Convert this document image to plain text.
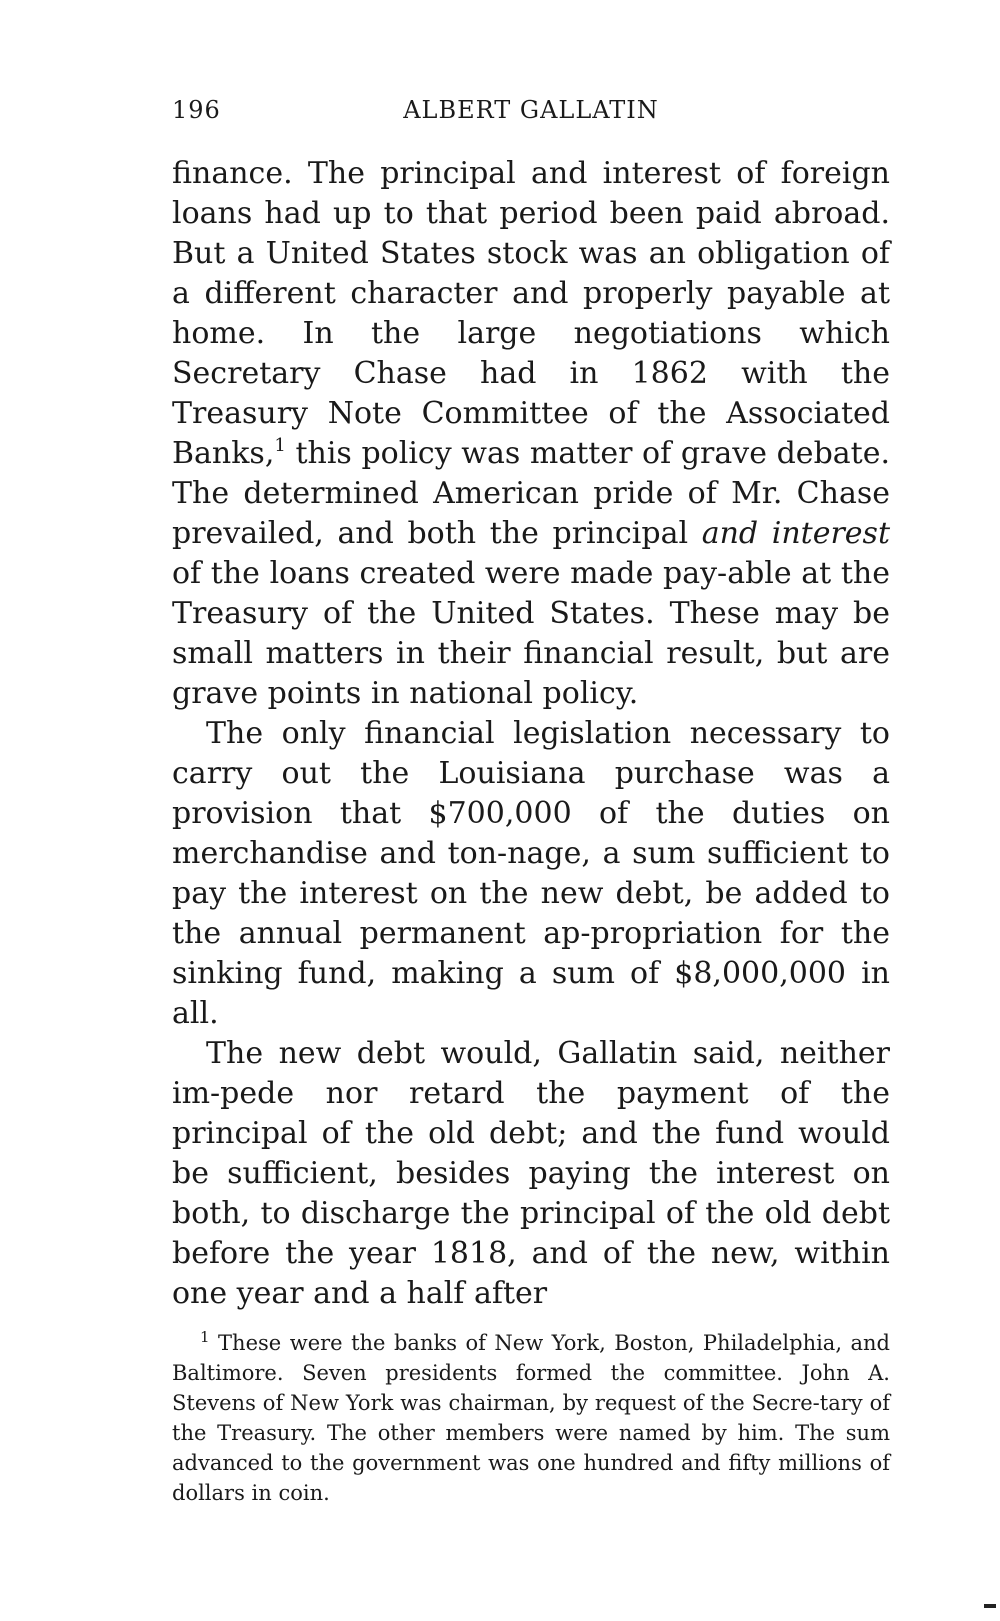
196	ALBERT GALLATIN

finance. The principal and interest of foreign loans had up to that period been paid abroad. But a United States stock was an obligation of a different character and properly payable at home. In the large negotiations which Secretary Chase had in 1862 with the Treasury Note Committee of the Associated Banks,$^1$ this policy was matter of grave debate. The determined American pride of Mr. Chase prevailed, and both the principal and interest of the loans created were made pay-able at the Treasury of the United States. These may be small matters in their financial result, but are grave points in national policy.

The only financial legislation necessary to carry out the Louisiana purchase was a provision that $700,000 of the duties on merchandise and ton-nage, a sum sufficient to pay the interest on the new debt, be added to the annual permanent ap-propriation for the sinking fund, making a sum of $8,000,000 in all.

The new debt would, Gallatin said, neither im-pede nor retard the payment of the principal of the old debt; and the fund would be sufficient, besides paying the interest on both, to discharge the principal of the old debt before the year 1818, and of the new, within one year and a half after

$^1$ These were the banks of New York, Boston, Philadelphia, and Baltimore. Seven presidents formed the committee. John A. Stevens of New York was chairman, by request of the Secre-tary of the Treasury. The other members were named by him. The sum advanced to the government was one hundred and fifty millions of dollars in coin.
